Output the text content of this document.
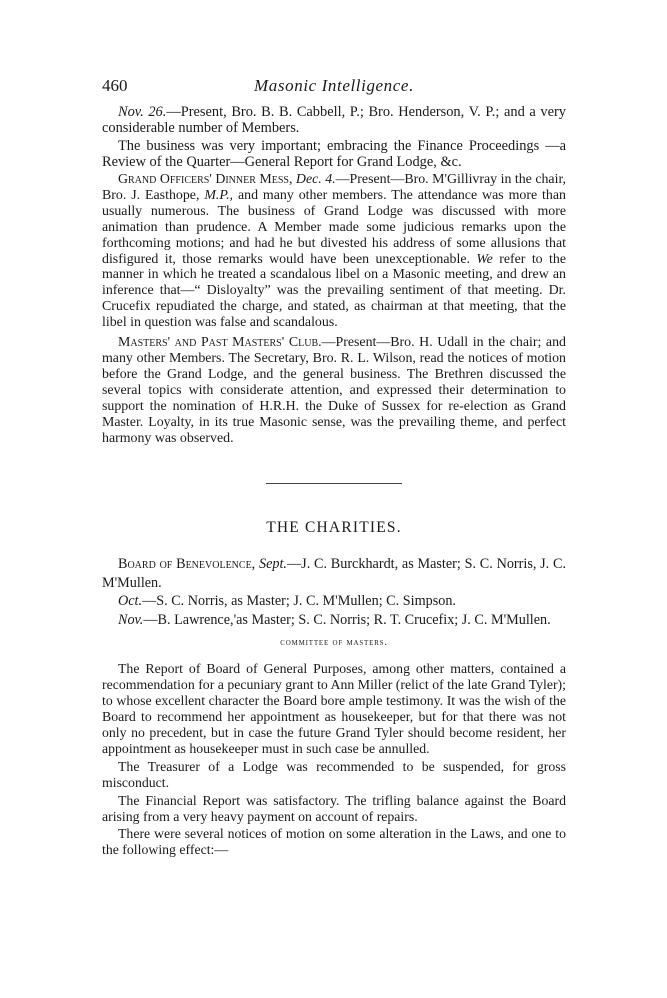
460	Masonic Intelligence.

Nov. 26.—Present, Bro. B. B. Cabbell, P.; Bro. Henderson, V. P.; and a very considerable number of Members.

The business was very important; embracing the Finance Proceedings —a Review of the Quarter—General Report for Grand Lodge, &c.

Grand Officers' Dinner Mess, Dec. 4.—Present—Bro. M'Gillivray in the chair, Bro. J. Easthope, M.P., and many other members. The attendance was more than usually numerous. The business of Grand Lodge was discussed with more animation than prudence. A Member made some judicious remarks upon the forthcoming motions; and had he but divested his address of some allusions that disfigured it, those remarks would have been unexceptionable. We refer to the manner in which he treated a scandalous libel on a Masonic meeting, and drew an inference that—“ Disloyalty” was the prevailing sentiment of that meeting. Dr. Crucefix repudiated the charge, and stated, as chairman at that meeting, that the libel in question was false and scandalous.

Masters' and Past Masters' Club.—Present—Bro. H. Udall in the chair; and many other Members. The Secretary, Bro. R. L. Wilson, read the notices of motion before the Grand Lodge, and the general business. The Brethren discussed the several topics with considerate attention, and expressed their determination to support the nomination of H.R.H. the Duke of Sussex for re-election as Grand Master. Loyalty, in its true Masonic sense, was the prevailing theme, and perfect harmony was observed.

THE CHARITIES.

Board of Benevolence, Sept.—J. C. Burckhardt, as Master; S. C. Norris, J. C. M'Mullen.

Oct.—S. C. Norris, as Master; J. C. M'Mullen; C. Simpson.

Nov.—B. Lawrence,'as Master; S. C. Norris; R. T. Crucefix; J. C. M'Mullen.

committee of masters.

The Report of Board of General Purposes, among other matters, contained a recommendation for a pecuniary grant to Ann Miller (relict of the late Grand Tyler); to whose excellent character the Board bore ample testimony. It was the wish of the Board to recommend her appointment as housekeeper, but for that there was not only no precedent, but in case the future Grand Tyler should become resident, her appointment as housekeeper must in such case be annulled.

The Treasurer of a Lodge was recommended to be suspended, for gross misconduct.

The Financial Report was satisfactory. The trifling balance against the Board arising from a very heavy payment on account of repairs.

There were several notices of motion on some alteration in the Laws, and one to the following effect:—
